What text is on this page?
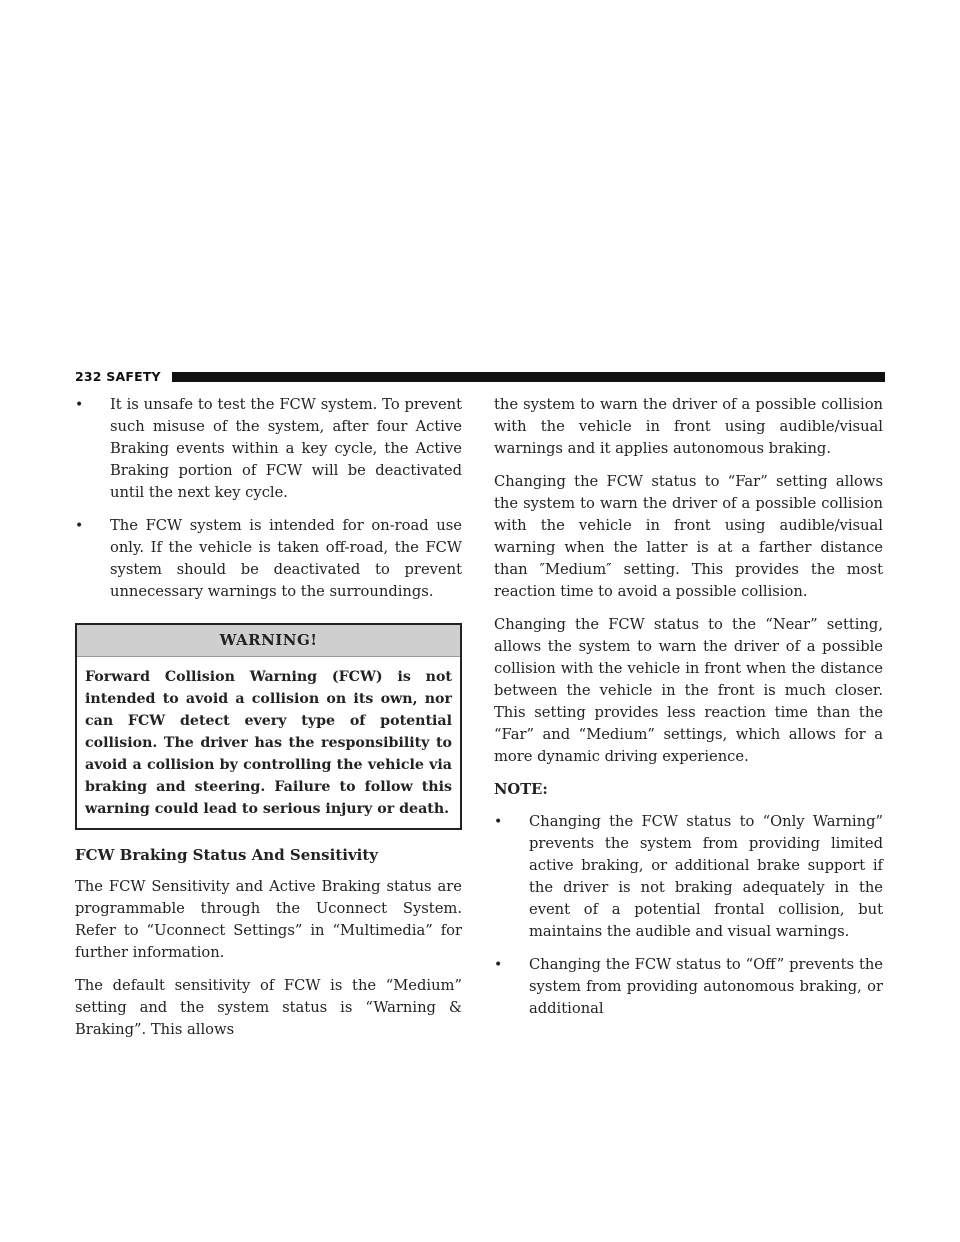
232 SAFETY
•
It is unsafe to test the FCW system. To prevent such misuse of the system, after four Active Braking events within a key cycle, the Active Braking portion of FCW will be deactivated until the next key cycle.
•
The FCW system is intended for on-road use only. If the vehicle is taken off-road, the FCW system should be deactivated to prevent unnecessary warnings to the surroundings.
WARNING!
Forward Collision Warning (FCW) is not intended to avoid a collision on its own, nor can FCW detect every type of potential collision. The driver has the responsibility to avoid a collision by controlling the vehicle via braking and steering. Failure to follow this warning could lead to serious injury or death.
FCW Braking Status And Sensitivity

The FCW Sensitivity and Active Braking status are programmable through the Uconnect System. Refer to “Uconnect Settings” in “Multimedia” for further information.

The default sensitivity of FCW is the “Medium” setting and the system status is “Warning & Braking”. This allows

the system to warn the driver of a possible collision with the vehicle in front using audible/visual warnings and it applies autonomous braking.

Changing the FCW status to “Far” setting allows the system to warn the driver of a possible collision with the vehicle in front using audible/visual warning when the latter is at a farther distance than ″Medium″ setting. This provides the most reaction time to avoid a possible collision.

Changing the FCW status to the “Near” setting, allows the system to warn the driver of a possible collision with the vehicle in front when the distance between the vehicle in the front is much closer. This setting provides less reaction time than the “Far” and “Medium” settings, which allows for a more dynamic driving experience.

NOTE:
•
Changing the FCW status to “Only Warning” prevents the system from providing limited active braking, or additional brake support if the driver is not braking adequately in the event of a potential frontal collision, but maintains the audible and visual warnings.
•
Changing the FCW status to “Off” prevents the system from providing autonomous braking, or additional
